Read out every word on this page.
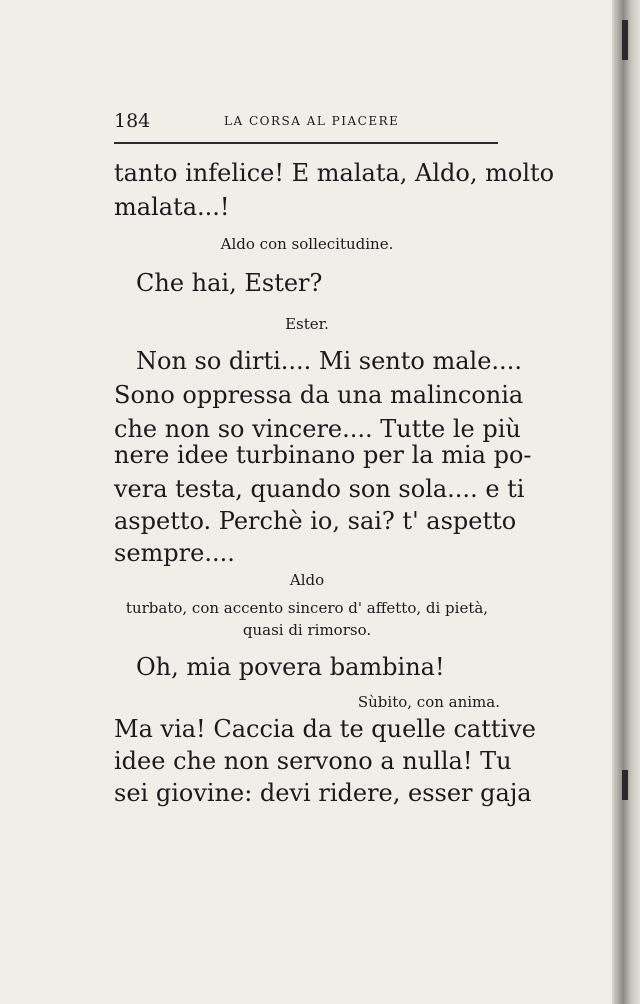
184	LA CORSA AL PIACERE
tanto infelice! E malata, Aldo, molto
malata...!
Aldo con sollecitudine.
Che hai, Ester?
Ester.
Non so dirti.... Mi sento male....
Sono oppressa da una malinconia
che non so vincere.... Tutte le più
nere idee turbinano per la mia po-
vera testa, quando son sola.... e ti
aspetto. Perchè io, sai? t' aspetto
sempre....
Aldo
turbato, con accento sincero d' affetto, di pietà,
quasi di rimorso.
Oh, mia povera bambina!
Sùbito, con anima.
Ma via! Caccia da te quelle cattive
idee che non servono a nulla! Tu
sei giovine: devi ridere, esser gaja
